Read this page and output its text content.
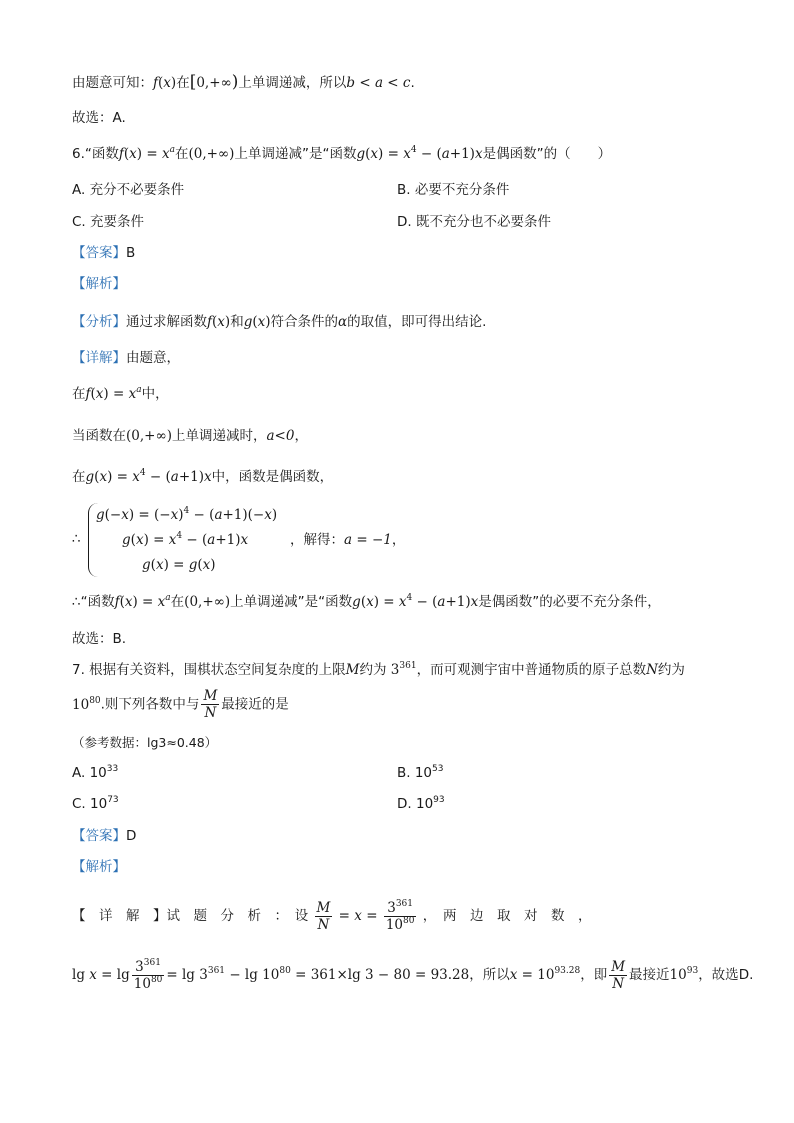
由题意可知：f(x)在[0,+∞)上单调递减，所以b < a < c.
故选：A.
6.“函数$f(x) = x^a$在(0,+∞)上单调递减”是“函数$g(x) = x^4 - (a+1)x$是偶函数”的（　　）
A. 充分不必要条件	B. 必要不充分条件
C. 充要条件	D. 既不充分也不必要条件
【答案】B
【解析】
【分析】通过求解函数f(x)和g(x)符合条件的α的取值，即可得出结论.
【详解】由题意，
在$f(x) = x^a$中，
当函数在(0,+∞)上单调递减时，a<0，
在$g(x) = x^4 - (a+1)x$中，函数是偶函数，
∴
$g(-x) = (-x)^4 - (a+1)(-x)$
$g(x) = x^4 - (a+1)x$
g(x) = g(x)
，解得：a = −1，
∴“函数$f(x) = x^a$在(0,+∞)上单调递减”是“函数$g(x) = x^4 - (a+1)x$是偶函数”的必要不充分条件，
故选：B.
7. 根据有关资料，围棋状态空间复杂度的上限M约为 $3^{361}$，而可观测宇宙中普通物质的原子总数N约为
$10^{80}$.则下列各数中与 $\frac{M}{N}$ 最接近的是
（参考数据：lg3≈0.48）
A. $10^{33}$	B. $10^{53}$
C. $10^{73}$	D. $10^{93}$
【答案】D
【解析】
【　详　解　】试　题　分　析　：　设 $\frac{M}{N} = x = \frac{3^{361}}{10^{80}}$ ，　两　边　取　对　数　，
$\lg x = \lg \frac{3^{361}}{10^{80}} = \lg 3^{361} - \lg 10^{80} = 361\times\lg$ 3 − 80 = 93.28，所以$x = 10^{93.28}$，即 $\frac{M}{N}$ 最接近$10^{93}$，故选D.
